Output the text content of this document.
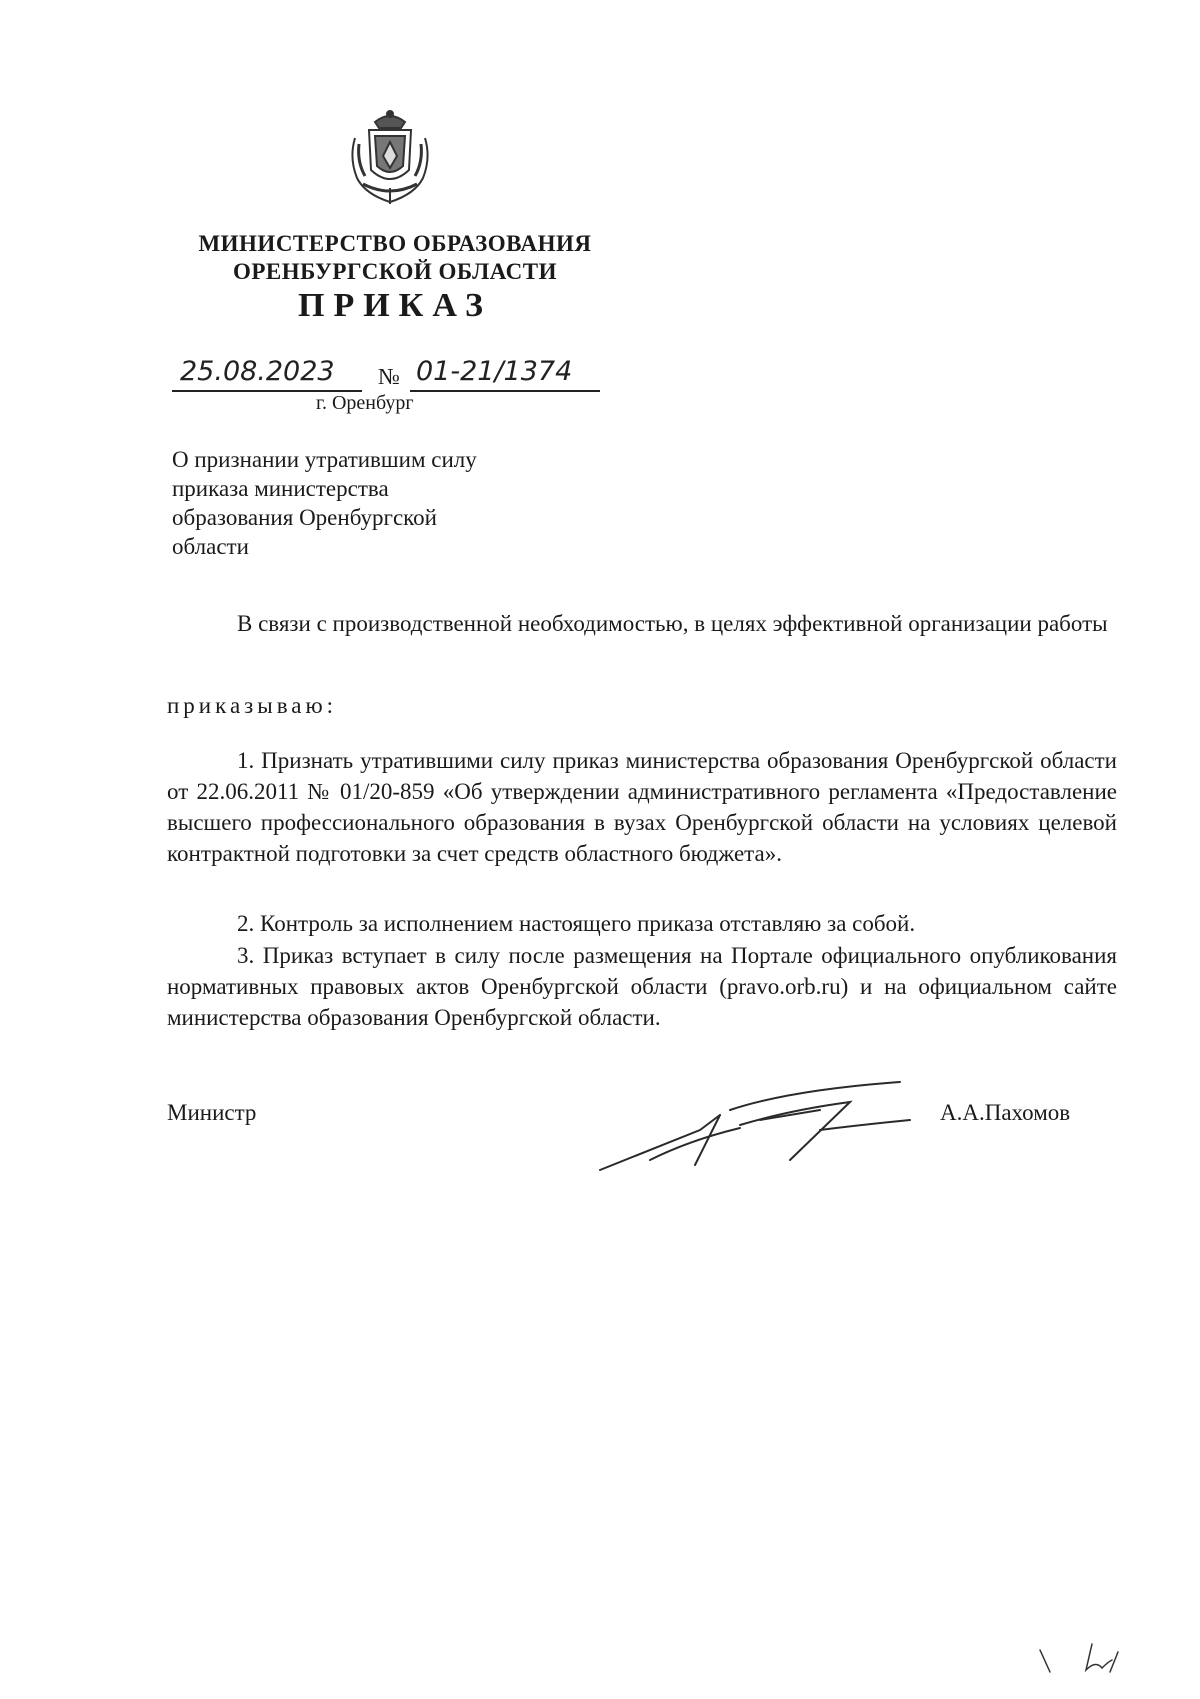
МИНИСТЕРСТВО ОБРАЗОВАНИЯ
ОРЕНБУРГСКОЙ ОБЛАСТИ
ПРИКАЗ
25.08.2023 № 01-21/1374
г. Оренбург
О признании утратившим силу
приказа министерства
образования Оренбургской
области
В связи с производственной необходимостью, в целях эффективной организации работы
приказываю:
1. Признать утратившими силу приказ министерства образования Оренбургской области от 22.06.2011 № 01/20-859 «Об утверждении административного регламента «Предоставление высшего профессионального образования в вузах Оренбургской области на условиях целевой контрактной подготовки за счет средств областного бюджета».
2. Контроль за исполнением настоящего приказа отставляю за собой.
3. Приказ вступает в силу после размещения на Портале официального опубликования нормативных правовых актов Оренбургской области (pravo.orb.ru) и на официальном сайте министерства образования Оренбургской области.
Министр	А.А.Пахомов
